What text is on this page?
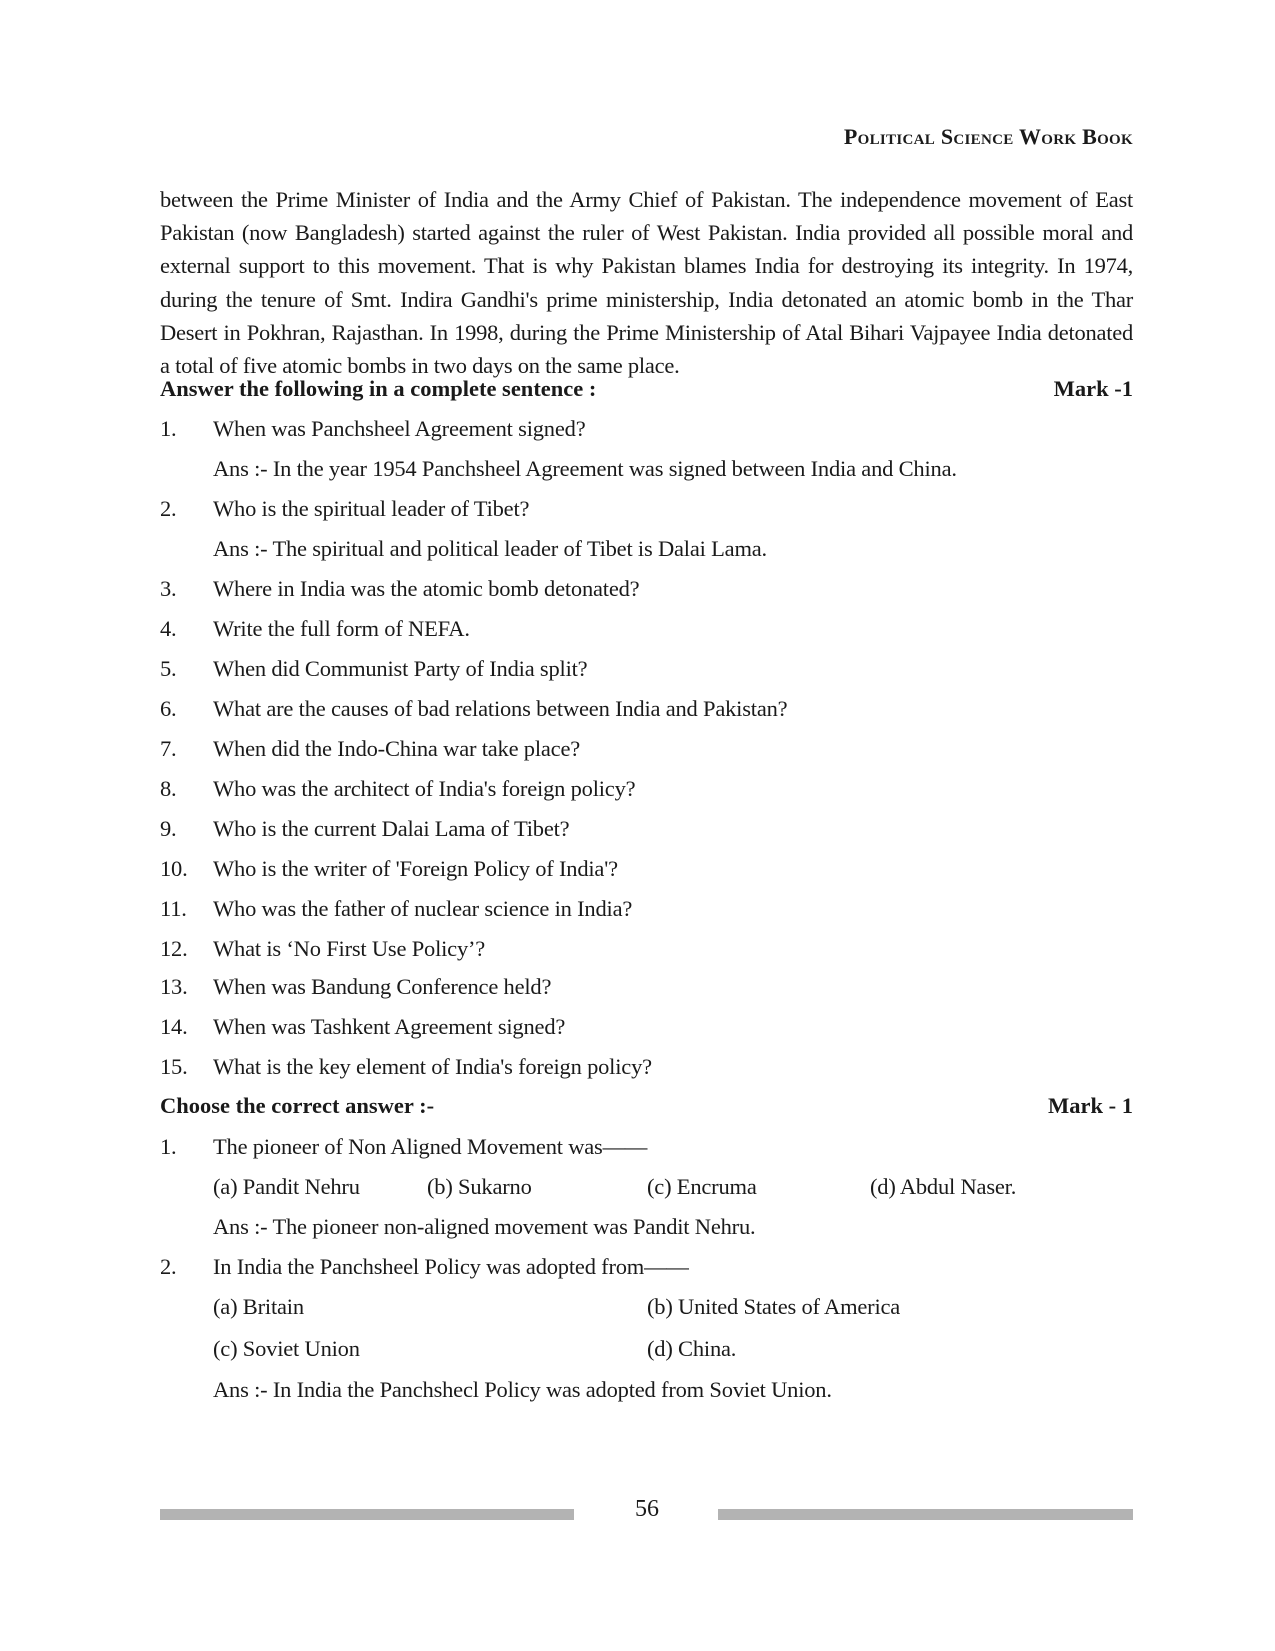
Political Science Work Book

between the Prime Minister of India and the Army Chief of Pakistan. The independence movement of East Pakistan (now Bangladesh) started against the ruler of West Pakistan. India provided all possible moral and external support to this movement. That is why Pakistan blames India for destroying its integrity. In 1974, during the tenure of Smt. Indira Gandhi's prime ministership, India detonated an atomic bomb in the Thar Desert in Pokhran, Rajasthan. In 1998, during the Prime Ministership of Atal Bihari Vajpayee India detonated a total of five atomic bombs in two days on the same place.

Answer the following in a complete sentence :	Mark -1
1. When was Panchsheel Agreement signed?
Ans :- In the year 1954 Panchsheel Agreement was signed between India and China.
2. Who is the spiritual leader of Tibet?
Ans :- The spiritual and political leader of Tibet is Dalai Lama.
3. Where in India was the atomic bomb detonated?
4. Write the full form of NEFA.
5. When did Communist Party of India split?
6. What are the causes of bad relations between India and Pakistan?
7. When did the Indo-China war take place?
8. Who was the architect of India's foreign policy?
9. Who is the current Dalai Lama of Tibet?
10. Who is the writer of 'Foreign Policy of India'?
11. Who was the father of nuclear science in India?
12. What is ‘No First Use Policy’?
13. When was Bandung Conference held?
14. When was Tashkent Agreement signed?
15. What is the key element of India's foreign policy?
Choose the correct answer :-	Mark - 1
1. The pioneer of Non Aligned Movement was——
(a) Pandit Nehru	(b) Sukarno	(c) Encruma	(d) Abdul Naser.
Ans :- The pioneer non-aligned movement was Pandit Nehru.
2. In India the Panchsheel Policy was adopted from——
(a) Britain	(b) United States of America
(c) Soviet Union	(d) China.
Ans :- In India the Panchshecl Policy was adopted from Soviet Union.
56
